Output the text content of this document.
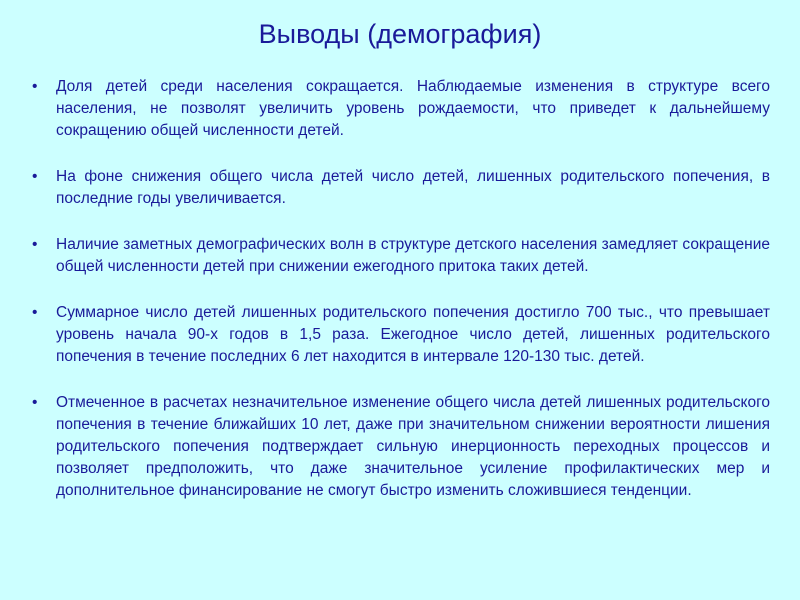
Выводы (демография)
•	Доля детей среди населения сокращается. Наблюдаемые изменения в структуре всего населения, не позволят увеличить уровень рождаемости, что приведет к дальнейшему сокращению общей численности детей.
•	На фоне снижения общего числа детей число детей, лишенных родительского попечения, в последние годы увеличивается.
•	Наличие заметных демографических волн в структуре детского населения замедляет сокращение общей численности детей при снижении ежегодного притока таких детей.
•	Суммарное число детей лишенных родительского попечения достигло 700 тыс., что превышает уровень начала 90-х годов в 1,5 раза. Ежегодное число детей, лишенных родительского попечения в течение последних 6 лет находится в интервале 120-130 тыс. детей.
•	Отмеченное в расчетах незначительное изменение общего числа детей лишенных родительского попечения в течение ближайших 10 лет, даже при значительном снижении вероятности лишения родительского попечения подтверждает сильную инерционность переходных процессов и позволяет предположить, что даже значительное усиление профилактических мер и дополнительное финансирование не смогут быстро изменить сложившиеся тенденции.
